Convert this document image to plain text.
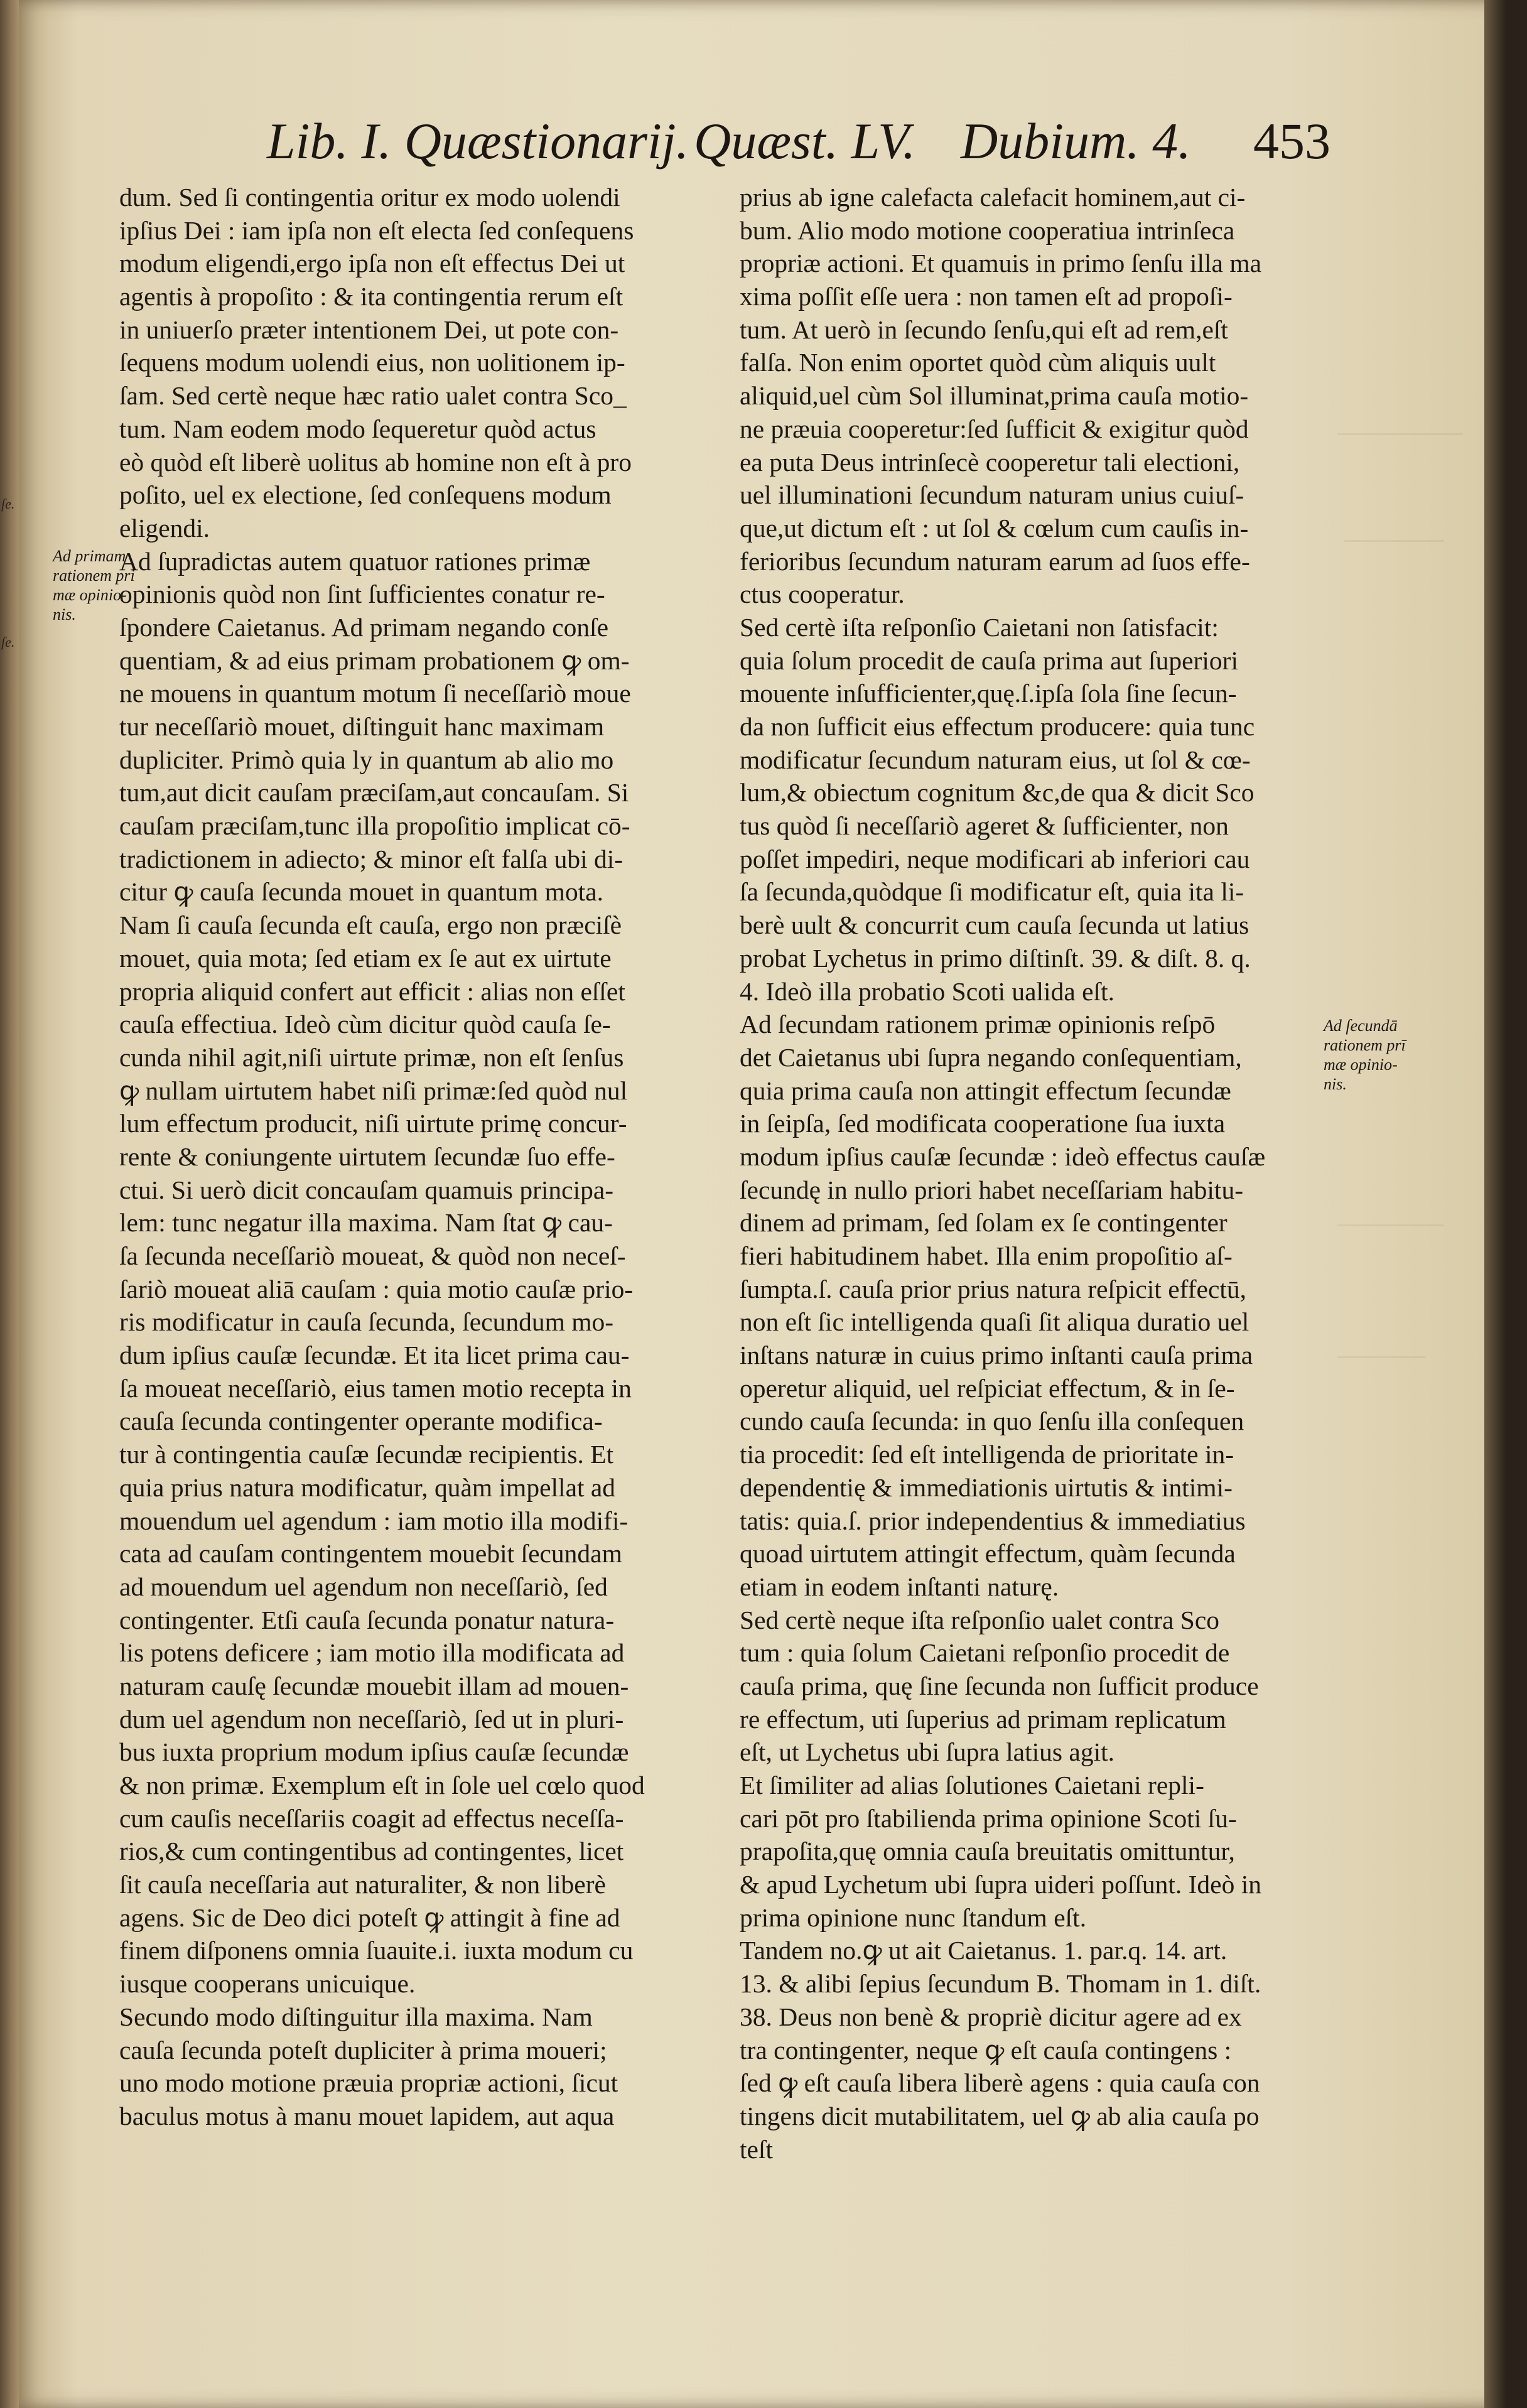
ſe.
ſe.
Lib. I. Quæstionarij. Quæst. LV. Dubium. 4. 453
dum. Sed ſi contingentia oritur ex modo uolendi
ipſius Dei : iam ipſa non eſt electa ſed conſequens
modum eligendi,ergo ipſa non eſt effectus Dei ut
agentis à propoſito : & ita contingentia rerum eſt
in uniuerſo præter intentionem Dei, ut pote con-
ſequens modum uolendi eius, non uolitionem ip-
ſam. Sed certè neque hæc ratio ualet contra Sco_
tum. Nam eodem modo ſequeretur quòd actus
eò quòd eſt liberè uolitus ab homine non eſt à pro
poſito, uel ex electione, ſed conſequens modum
eligendi.
Ad ſupradictas autem quatuor rationes primæ
opinionis quòd non ſint ſufficientes conatur re-
ſpondere Caietanus. Ad primam negando conſe
quentiam, & ad eius primam probationem ꝙ om-
ne mouens in quantum motum ſi neceſſariò moue
tur neceſſariò mouet, diſtinguit hanc maximam
dupliciter. Primò quia ly in quantum ab alio mo
tum,aut dicit cauſam præciſam,aut concauſam. Si
cauſam præciſam,tunc illa propoſitio implicat cō-
tradictionem in adiecto; & minor eſt falſa ubi di-
citur ꝙ cauſa ſecunda mouet in quantum mota.
Nam ſi cauſa ſecunda eſt cauſa, ergo non præciſè
mouet, quia mota; ſed etiam ex ſe aut ex uirtute
propria aliquid confert aut efficit : alias non eſſet
cauſa effectiua. Ideò cùm dicitur quòd cauſa ſe-
cunda nihil agit,niſi uirtute primæ, non eſt ſenſus
ꝙ nullam uirtutem habet niſi primæ:ſed quòd nul
lum effectum producit, niſi uirtute primę concur-
rente & coniungente uirtutem ſecundæ ſuo effe-
ctui. Si uerò dicit concauſam quamuis principa-
lem: tunc negatur illa maxima. Nam ſtat ꝙ cau-
ſa ſecunda neceſſariò moueat, & quòd non neceſ-
ſariò moueat aliā cauſam : quia motio cauſæ prio-
ris modificatur in cauſa ſecunda, ſecundum mo-
dum ipſius cauſæ ſecundæ. Et ita licet prima cau-
ſa moueat neceſſariò, eius tamen motio recepta in
cauſa ſecunda contingenter operante modifica-
tur à contingentia cauſæ ſecundæ recipientis. Et
quia prius natura modificatur, quàm impellat ad
mouendum uel agendum : iam motio illa modifi-
cata ad cauſam contingentem mouebit ſecundam
ad mouendum uel agendum non neceſſariò, ſed
contingenter. Etſi cauſa ſecunda ponatur natura-
lis potens deficere ; iam motio illa modificata ad
naturam cauſę ſecundæ mouebit illam ad mouen-
dum uel agendum non neceſſariò, ſed ut in pluri-
bus iuxta proprium modum ipſius cauſæ ſecundæ
& non primæ. Exemplum eſt in ſole uel cœlo quod
cum cauſis neceſſariis coagit ad effectus neceſſa-
rios,& cum contingentibus ad contingentes, licet
ſit cauſa neceſſaria aut naturaliter, & non liberè
agens. Sic de Deo dici poteſt ꝙ attingit à fine ad
finem diſponens omnia ſuauite.i. iuxta modum cu
iusque cooperans unicuique.
Secundo modo diſtinguitur illa maxima. Nam
cauſa ſecunda poteſt dupliciter à prima moueri;
uno modo motione præuia propriæ actioni, ſicut
baculus motus à manu mouet lapidem, aut aqua
prius ab igne calefacta calefacit hominem,aut ci-
bum. Alio modo motione cooperatiua intrinſeca
propriæ actioni. Et quamuis in primo ſenſu illa ma
xima poſſit eſſe uera : non tamen eſt ad propoſi-
tum. At uerò in ſecundo ſenſu,qui eſt ad rem,eſt
falſa. Non enim oportet quòd cùm aliquis uult
aliquid,uel cùm Sol illuminat,prima cauſa motio-
ne præuia cooperetur:ſed ſufficit & exigitur quòd
ea puta Deus intrinſecè cooperetur tali electioni,
uel illuminationi ſecundum naturam unius cuiuſ-
que,ut dictum eſt : ut ſol & cœlum cum cauſis in-
ferioribus ſecundum naturam earum ad ſuos effe-
ctus cooperatur.
Sed certè iſta reſponſio Caietani non ſatisfacit:
quia ſolum procedit de cauſa prima aut ſuperiori
mouente inſufficienter,quę.ſ.ipſa ſola ſine ſecun-
da non ſufficit eius effectum producere: quia tunc
modificatur ſecundum naturam eius, ut ſol & cœ-
lum,& obiectum cognitum &c,de qua & dicit Sco
tus quòd ſi neceſſariò ageret & ſufficienter, non
poſſet impediri, neque modificari ab inferiori cau
ſa ſecunda,quòdque ſi modificatur eſt, quia ita li-
berè uult & concurrit cum cauſa ſecunda ut latius
probat Lychetus in primo diſtinſt. 39. & diſt. 8. q.
4. Ideò illa probatio Scoti ualida eſt.
Ad ſecundam rationem primæ opinionis reſpō
det Caietanus ubi ſupra negando conſequentiam,
quia prima cauſa non attingit effectum ſecundæ
in ſeipſa, ſed modificata cooperatione ſua iuxta
modum ipſius cauſæ ſecundæ : ideò effectus cauſæ
ſecundę in nullo priori habet neceſſariam habitu-
dinem ad primam, ſed ſolam ex ſe contingenter
fieri habitudinem habet. Illa enim propoſitio aſ-
ſumpta.ſ. cauſa prior prius natura reſpicit effectū,
non eſt ſic intelligenda quaſi ſit aliqua duratio uel
inſtans naturæ in cuius primo inſtanti cauſa prima
operetur aliquid, uel reſpiciat effectum, & in ſe-
cundo cauſa ſecunda: in quo ſenſu illa conſequen
tia procedit: ſed eſt intelligenda de prioritate in-
dependentię & immediationis uirtutis & intimi-
tatis: quia.ſ. prior independentius & immediatius
quoad uirtutem attingit effectum, quàm ſecunda
etiam in eodem inſtanti naturę.
Sed certè neque iſta reſponſio ualet contra Sco
tum : quia ſolum Caietani reſponſio procedit de
cauſa prima, quę ſine ſecunda non ſufficit produce
re effectum, uti ſuperius ad primam replicatum
eſt, ut Lychetus ubi ſupra latius agit.
Et ſimiliter ad alias ſolutiones Caietani repli-
cari pōt pro ſtabilienda prima opinione Scoti ſu-
prapoſita,quę omnia cauſa breuitatis omittuntur,
& apud Lychetum ubi ſupra uideri poſſunt. Ideò in
prima opinione nunc ſtandum eſt.
Tandem no.ꝙ ut ait Caietanus. 1. par.q. 14. art.
13. & alibi ſepius ſecundum B. Thomam in 1. diſt.
38. Deus non benè & propriè dicitur agere ad ex
tra contingenter, neque ꝙ eſt cauſa contingens :
ſed ꝙ eſt cauſa libera liberè agens : quia cauſa con
tingens dicit mutabilitatem, uel ꝙ ab alia cauſa po
teſt
Ad primam
rationem pri
mæ opinio-
nis.
Ad ſecundā
rationem prī
mæ opinio-
nis.
